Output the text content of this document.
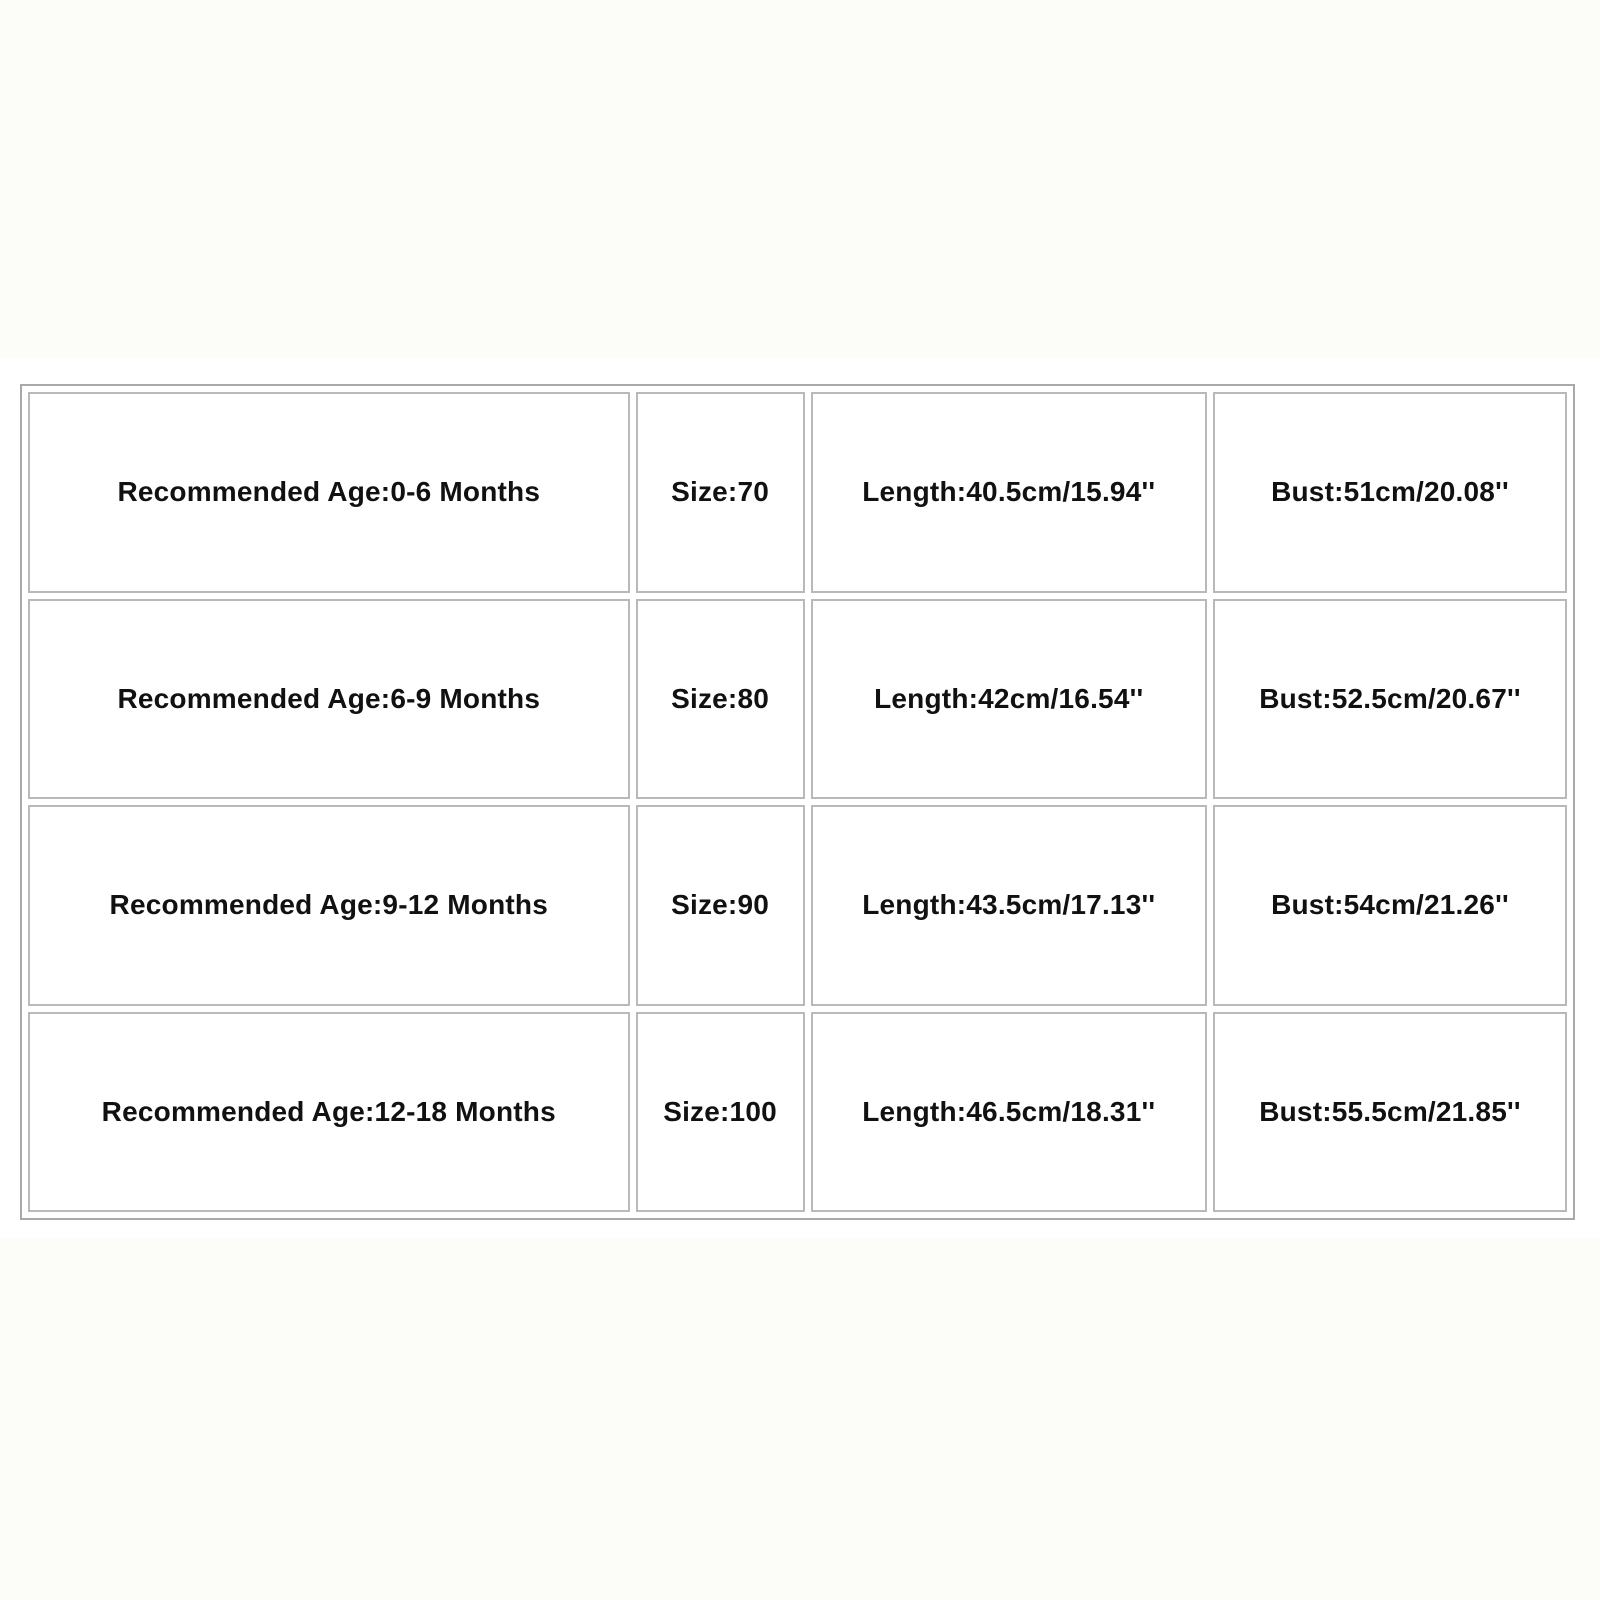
Recommended Age:0-6 Months	Size:70	Length:40.5cm/15.94''	Bust:51cm/20.08''
Recommended Age:6-9 Months	Size:80	Length:42cm/16.54''	Bust:52.5cm/20.67''
Recommended Age:9-12 Months	Size:90	Length:43.5cm/17.13''	Bust:54cm/21.26''
Recommended Age:12-18 Months	Size:100	Length:46.5cm/18.31''	Bust:55.5cm/21.85''
